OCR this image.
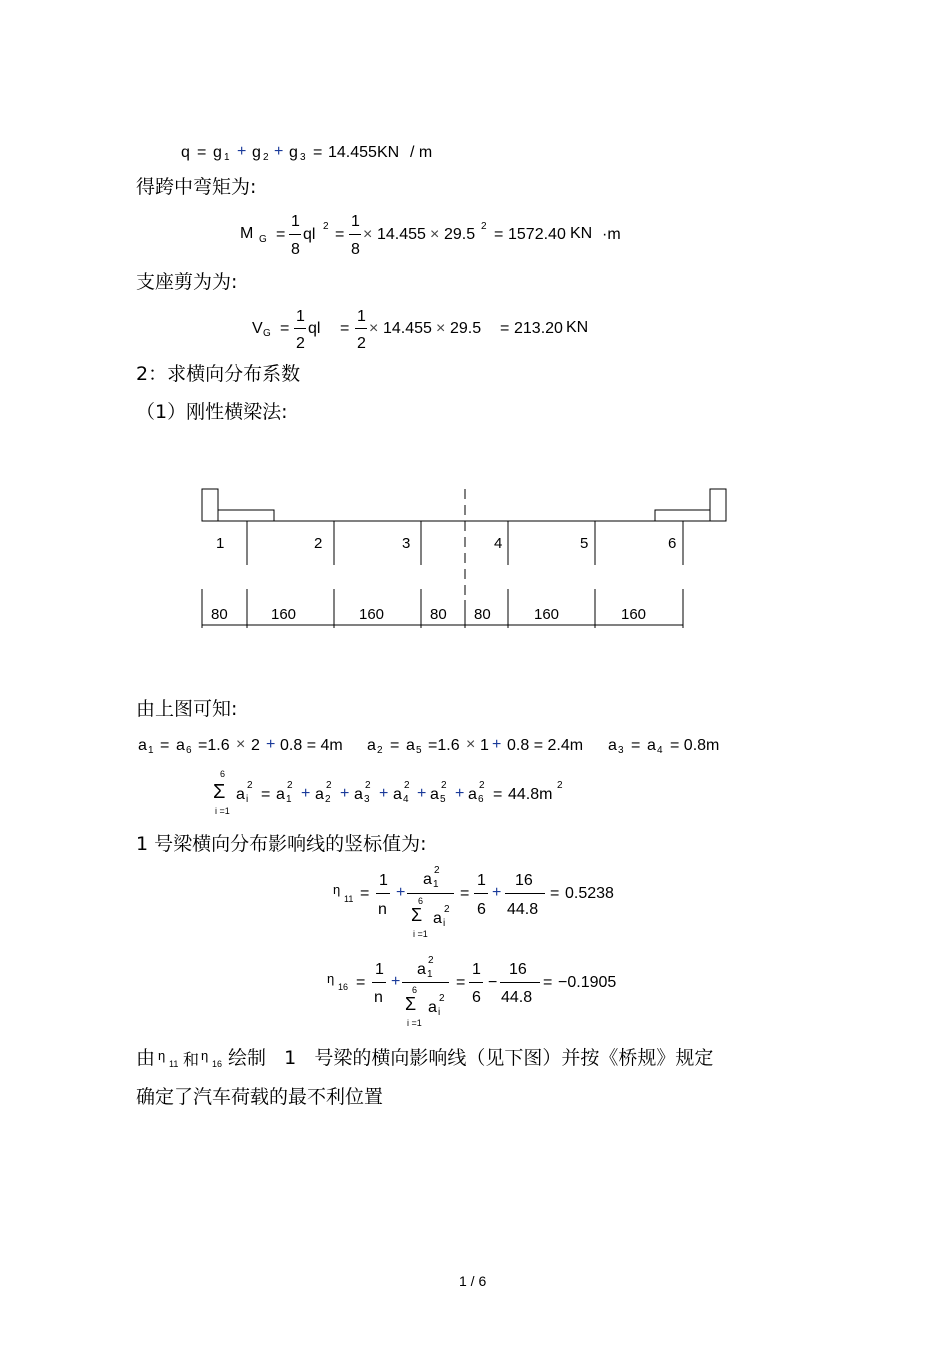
q = g 1 + g 2 + g 3 = 14.455KN / m
得跨中弯矩为:
M G =
1
8
ql 2 =
1
8
× 14.455 × 29.5 2 = 1572.40 KN ·m
支座剪为为:
V G =
1
2
ql =
1
2
× 14.455 × 29.5 = 213.20 KN
2：求横向分布系数
（1）刚性横梁法:
1	2	3	4	5	6
80	160	160	80 80	160	160
由上图可知:
a 1 = a 6 =1.6 × 2 + 0.8 = 4m a 2 = a 5 =1.6 × 1 + 0.8 = 2.4m a 3 = a 4 = 0.8m
6
Σ
i =1
a i
2
= a 1
2 + a 2
2 + a 3
2 + a 4
2 + a 5
2 + a 6
2
= 44.8m
2
1 号梁横向分布影响线的竖标值为:
η
11 =
1
n
+
a 1
2
6
Σ
i =1
a i
2
=
1
6
+
16
44.8
= 0.5238
η
16 =
1
n
+
a 1
2
6
Σ
i =1
a i
2
=
1
6
−
16
44.8
= −0.1905
由 η
11 和 η
16 绘制   1   号梁的横向影响线（见下图）并按《桥规》规定
确定了汽车荷载的最不利位置
1 / 6
